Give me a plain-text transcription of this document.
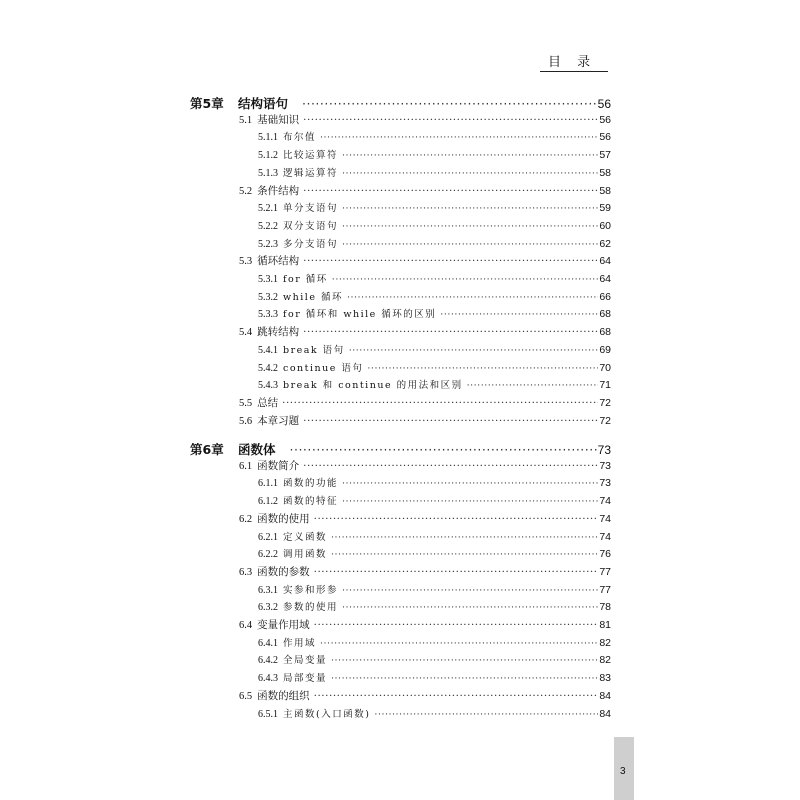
目 录
第5章	结构语句 ·····	56
5.1 基础知识 ·····	56
5.1.1 布尔值 ·····	56
5.1.2 比较运算符 ·····	57
5.1.3 逻辑运算符 ·····	58
5.2 条件结构 ·····	58
5.2.1 单分支语句 ·····	59
5.2.2 双分支语句 ·····	60
5.2.3 多分支语句 ·····	62
5.3 循环结构 ·····	64
5.3.1 for 循环 ·····	64
5.3.2 while 循环 ·····	66
5.3.3 for 循环和 while 循环的区别 ·····	68
5.4 跳转结构 ·····	68
5.4.1 break 语句 ·····	69
5.4.2 continue 语句 ·····	70
5.4.3 break 和 continue 的用法和区别 ·····	71
5.5 总结 ·····	72
5.6 本章习题 ·····	72
第6章	函数体 ·····	73
6.1 函数简介 ·····	73
6.1.1 函数的功能 ·····	73
6.1.2 函数的特征 ·····	74
6.2 函数的使用 ·····	74
6.2.1 定义函数 ·····	74
6.2.2 调用函数 ·····	76
6.3 函数的参数 ·····	77
6.3.1 实参和形参 ·····	77
6.3.2 参数的使用 ·····	78
6.4 变量作用域 ·····	81
6.4.1 作用域 ·····	82
6.4.2 全局变量 ·····	82
6.4.3 局部变量 ·····	83
6.5 函数的组织 ·····	84
6.5.1 主函数(入口函数) ·····	84
3
